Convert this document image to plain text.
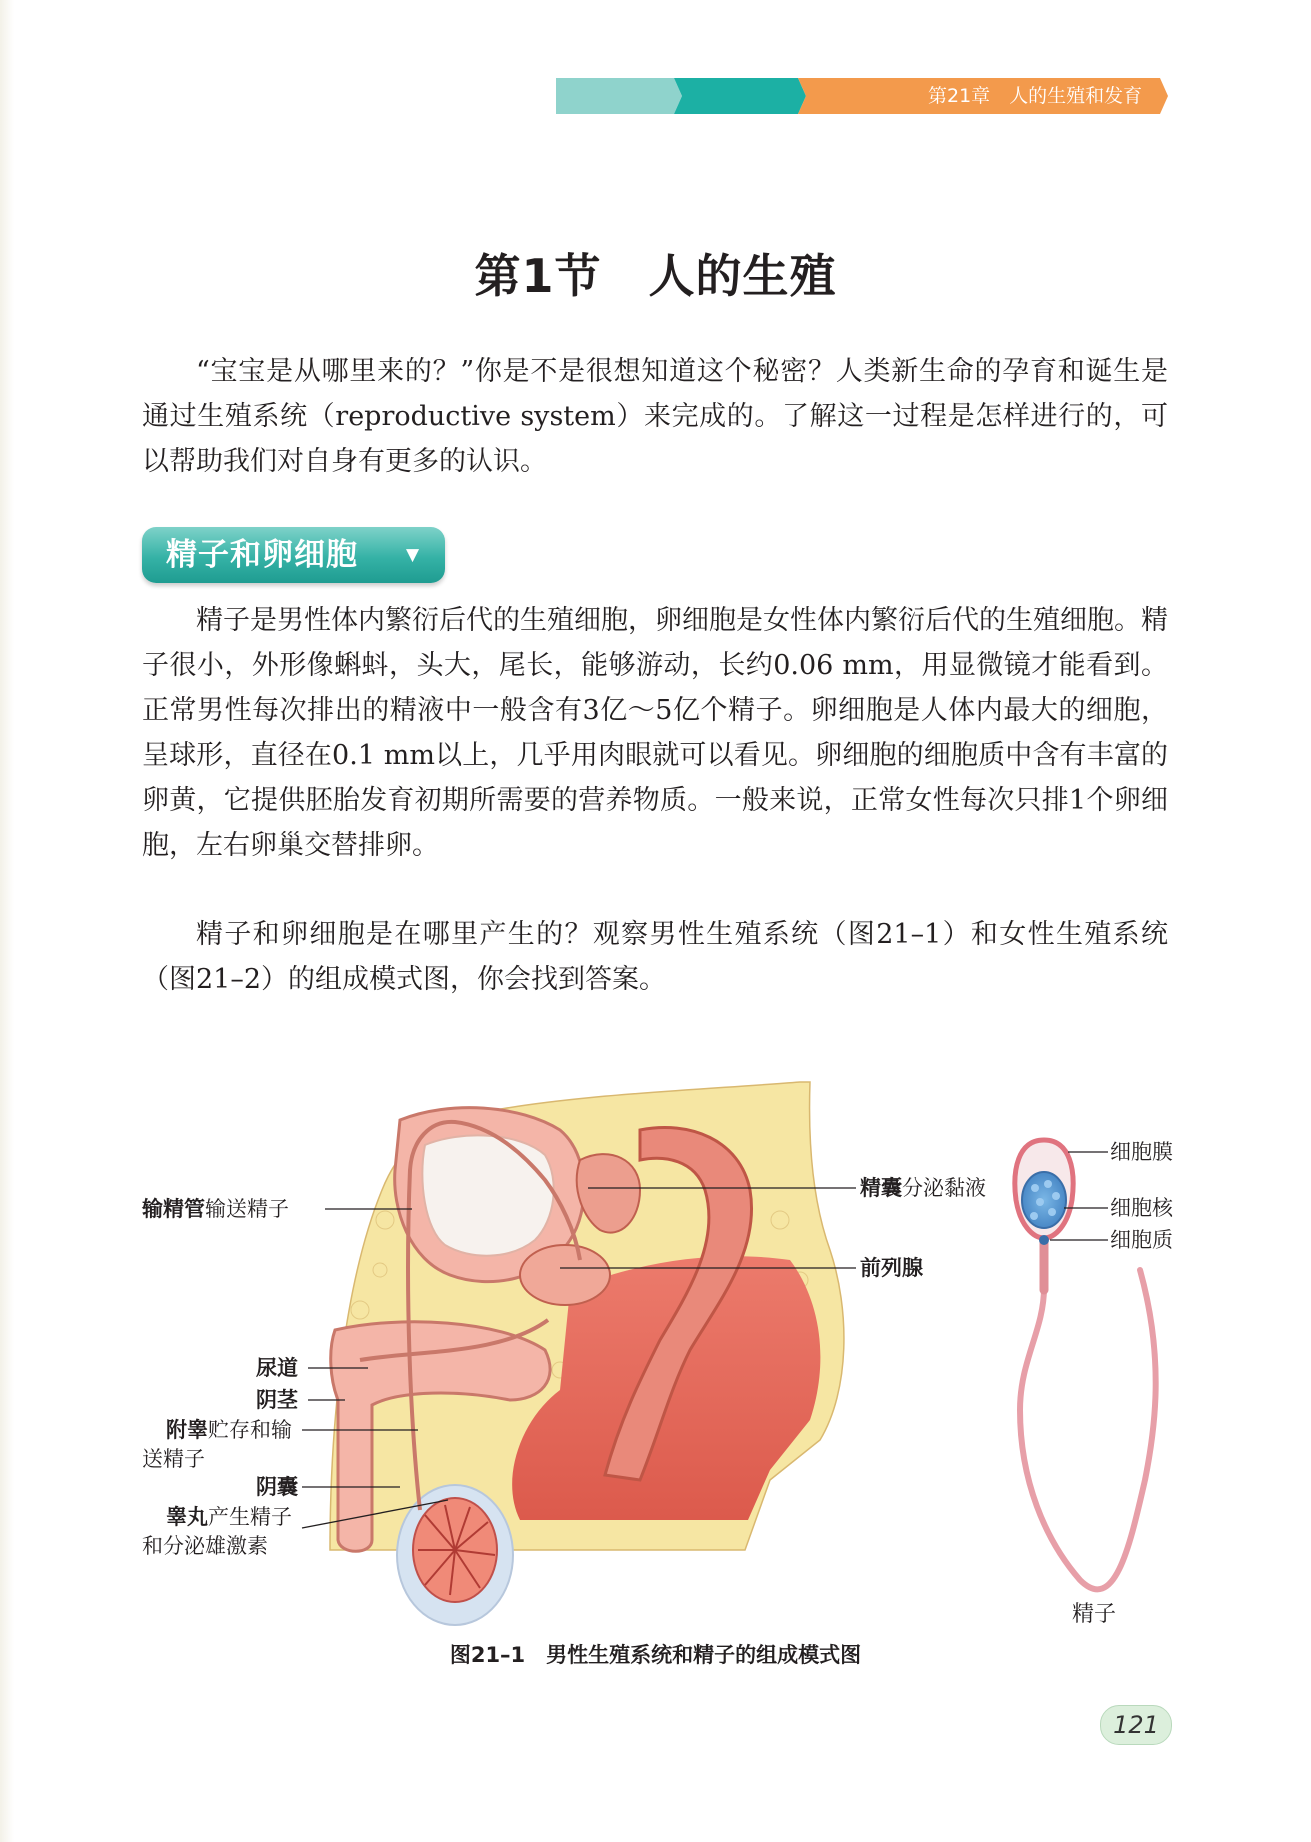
第21章　人的生殖和发育
第1节　人的生殖

“宝宝是从哪里来的？”你是不是很想知道这个秘密？人类新生命的孕育和诞生是通过生殖系统（reproductive system）来完成的。了解这一过程是怎样进行的，可以帮助我们对自身有更多的认识。

精子和卵细胞	▼

精子是男性体内繁衍后代的生殖细胞，卵细胞是女性体内繁衍后代的生殖细胞。精子很小，外形像蝌蚪，头大，尾长，能够游动，长约0.06 mm，用显微镜才能看到。正常男性每次排出的精液中一般含有3亿～5亿个精子。卵细胞是人体内最大的细胞，呈球形，直径在0.1 mm以上，几乎用肉眼就可以看见。卵细胞的细胞质中含有丰富的卵黄，它提供胚胎发育初期所需要的营养物质。一般来说，正常女性每次只排1个卵细胞，左右卵巢交替排卵。

精子和卵细胞是在哪里产生的？观察男性生殖系统（图21–1）和女性生殖系统（图21–2）的组成模式图，你会找到答案。

输精管输送精子
精囊分泌黏液
前列腺
尿道
阴茎
附睾贮存和输
送精子
阴囊
睾丸产生精子
和分泌雄激素
细胞膜
细胞核
细胞质
精子
图21–1　男性生殖系统和精子的组成模式图
121
